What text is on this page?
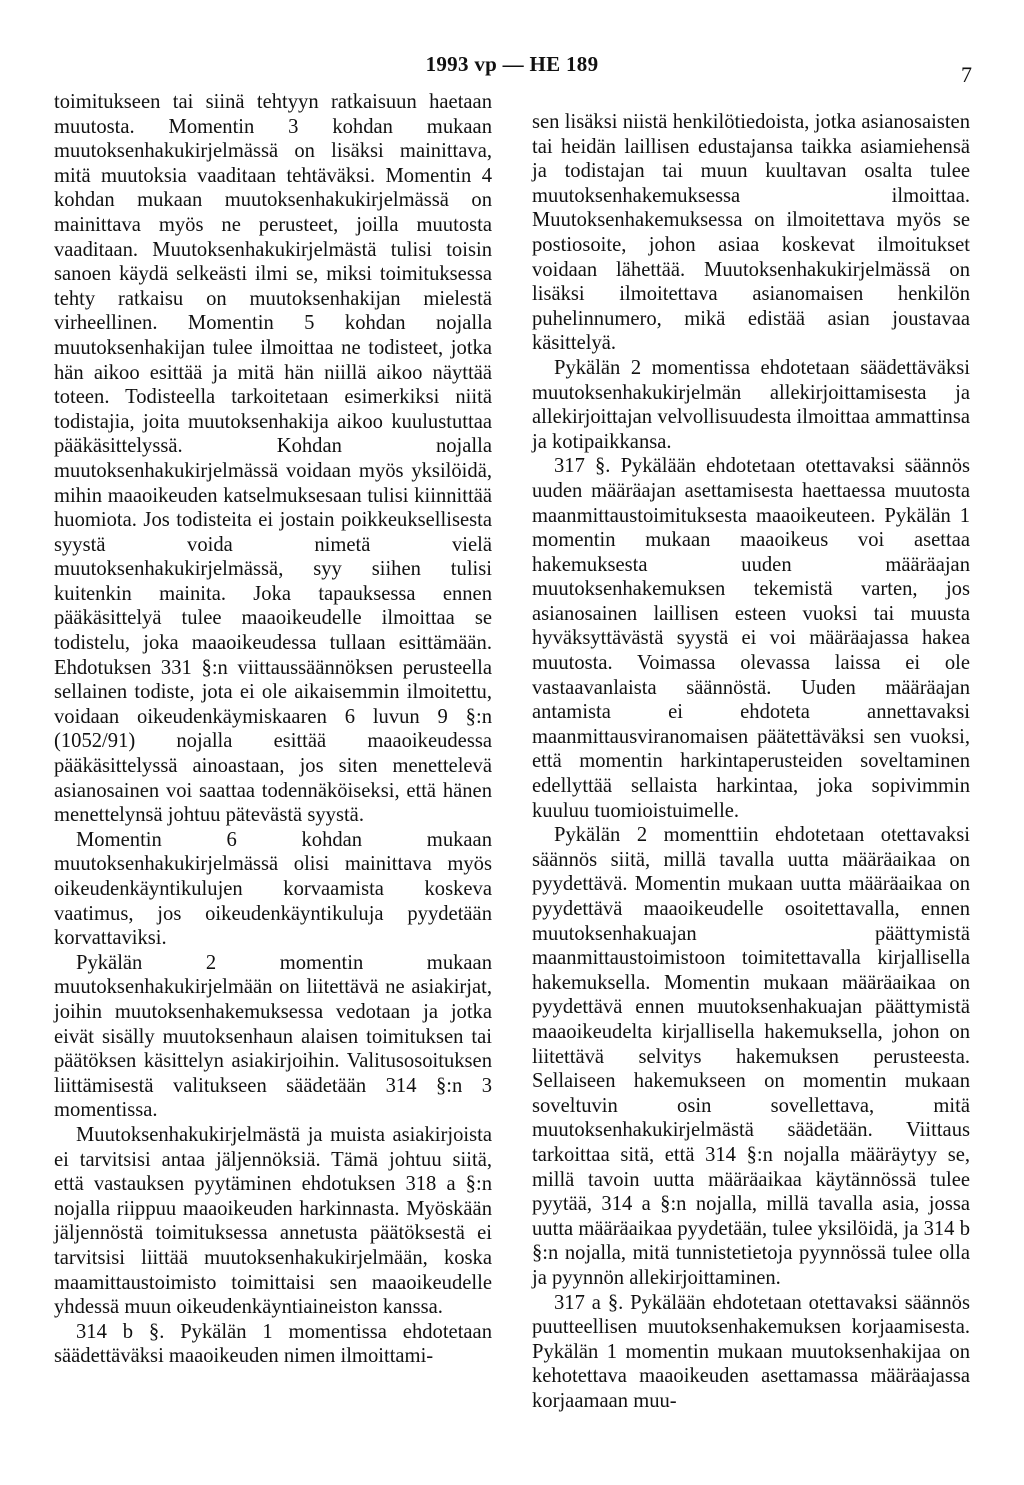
1993 vp — HE 189	7

toimitukseen tai siinä tehtyyn ratkaisuun haetaan muutosta. Momentin 3 kohdan mukaan muutoksenhakukirjelmässä on lisäksi mainittava, mitä muutoksia vaaditaan tehtäväksi. Momentin 4 kohdan mukaan muutoksenhakukirjelmässä on mainittava myös ne perusteet, joilla muutosta vaaditaan. Muutoksenhakukirjelmästä tulisi toisin sanoen käydä selkeästi ilmi se, miksi toimituksessa tehty ratkaisu on muutoksenhakijan mielestä virheellinen. Momentin 5 kohdan nojalla muutoksenhakijan tulee ilmoittaa ne todisteet, jotka hän aikoo esittää ja mitä hän niillä aikoo näyttää toteen. Todisteella tarkoitetaan esimerkiksi niitä todistajia, joita muutoksenhakija aikoo kuulustuttaa pääkäsittelyssä. Kohdan nojalla muutoksenhakukirjelmässä voidaan myös yksilöidä, mihin maaoikeuden katselmuksesaan tulisi kiinnittää huomiota. Jos todisteita ei jostain poikkeuksellisesta syystä voida nimetä vielä muutoksenhakukirjelmässä, syy siihen tulisi kuitenkin mainita. Joka tapauksessa ennen pääkäsittelyä tulee maaoikeudelle ilmoittaa se todistelu, joka maaoikeudessa tullaan esittämään. Ehdotuksen 331 §:n viittaussäännöksen perusteella sellainen todiste, jota ei ole aikaisemmin ilmoitettu, voidaan oikeudenkäymiskaaren 6 luvun 9 §:n (1052/91) nojalla esittää maaoikeudessa pääkäsittelyssä ainoastaan, jos siten menettelevä asianosainen voi saattaa todennäköiseksi, että hänen menettelynsä johtuu pätevästä syystä.

Momentin 6 kohdan mukaan muutoksenhakukirjelmässä olisi mainittava myös oikeudenkäyntikulujen korvaamista koskeva vaatimus, jos oikeudenkäyntikuluja pyydetään korvattaviksi.

Pykälän 2 momentin mukaan muutoksenhakukirjelmään on liitettävä ne asiakirjat, joihin muutoksenhakemuksessa vedotaan ja jotka eivät sisälly muutoksenhaun alaisen toimituksen tai päätöksen käsittelyn asiakirjoihin. Valitusosoituksen liittämisestä valitukseen säädetään 314 §:n 3 momentissa.

Muutoksenhakukirjelmästä ja muista asiakirjoista ei tarvitsisi antaa jäljennöksiä. Tämä johtuu siitä, että vastauksen pyytäminen ehdotuksen 318 a §:n nojalla riippuu maaoikeuden harkinnasta. Myöskään jäljennöstä toimituksessa annetusta päätöksestä ei tarvitsisi liittää muutoksenhakukirjelmään, koska maamittaustoimisto toimittaisi sen maaoikeudelle yhdessä muun oikeudenkäyntiaineiston kanssa.

314 b §. Pykälän 1 momentissa ehdotetaan säädettäväksi maaoikeuden nimen ilmoittami-

sen lisäksi niistä henkilötiedoista, jotka asianosaisten tai heidän laillisen edustajansa taikka asiamiehensä ja todistajan tai muun kuultavan osalta tulee muutoksenhakemuksessa ilmoittaa. Muutoksenhakemuksessa on ilmoitettava myös se postiosoite, johon asiaa koskevat ilmoitukset voidaan lähettää. Muutoksenhakukirjelmässä on lisäksi ilmoitettava asianomaisen henkilön puhelinnumero, mikä edistää asian joustavaa käsittelyä.

Pykälän 2 momentissa ehdotetaan säädettäväksi muutoksenhakukirjelmän allekirjoittamisesta ja allekirjoittajan velvollisuudesta ilmoittaa ammattinsa ja kotipaikkansa.

317 §. Pykälään ehdotetaan otettavaksi säännös uuden määräajan asettamisesta haettaessa muutosta maanmittaustoimituksesta maaoikeuteen. Pykälän 1 momentin mukaan maaoikeus voi asettaa hakemuksesta uuden määräajan muutoksenhakemuksen tekemistä varten, jos asianosainen laillisen esteen vuoksi tai muusta hyväksyttävästä syystä ei voi määräajassa hakea muutosta. Voimassa olevassa laissa ei ole vastaavanlaista säännöstä. Uuden määräajan antamista ei ehdoteta annettavaksi maanmittausviranomaisen päätettäväksi sen vuoksi, että momentin harkintaperusteiden soveltaminen edellyttää sellaista harkintaa, joka sopivimmin kuuluu tuomioistuimelle.

Pykälän 2 momenttiin ehdotetaan otettavaksi säännös siitä, millä tavalla uutta määräaikaa on pyydettävä. Momentin mukaan uutta määräaikaa on pyydettävä maaoikeudelle osoitettavalla, ennen muutoksenhakuajan päättymistä maanmittaustoimistoon toimitettavalla kirjallisella hakemuksella. Momentin mukaan määräaikaa on pyydettävä ennen muutoksenhakuajan päättymistä maaoikeudelta kirjallisella hakemuksella, johon on liitettävä selvitys hakemuksen perusteesta. Sellaiseen hakemukseen on momentin mukaan soveltuvin osin sovellettava, mitä muutoksenhakukirjelmästä säädetään. Viittaus tarkoittaa sitä, että 314 §:n nojalla määräytyy se, millä tavoin uutta määräaikaa käytännössä tulee pyytää, 314 a §:n nojalla, millä tavalla asia, jossa uutta määräaikaa pyydetään, tulee yksilöidä, ja 314 b §:n nojalla, mitä tunnistetietoja pyynnössä tulee olla ja pyynnön allekirjoittaminen.

317 a §. Pykälään ehdotetaan otettavaksi säännös puutteellisen muutoksenhakemuksen korjaamisesta. Pykälän 1 momentin mukaan muutoksenhakijaa on kehotettava maaoikeuden asettamassa määräajassa korjaamaan muu-
